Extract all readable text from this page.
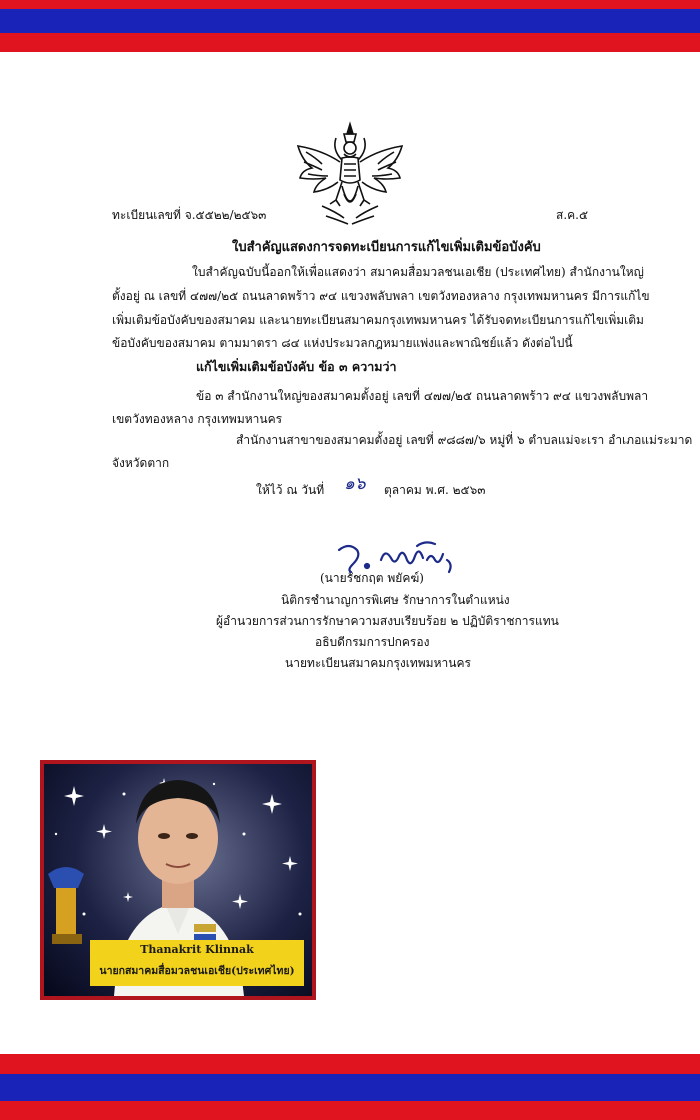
ทะเบียนเลขที่ จ.๕๕๒๒/๒๕๖๓	ส.ค.๕
ใบสำคัญแสดงการจดทะเบียนการแก้ไขเพิ่มเติมข้อบังคับ
ใบสำคัญฉบับนี้ออกให้เพื่อแสดงว่า สมาคมสื่อมวลชนเอเชีย (ประเทศไทย) สำนักงานใหญ่
ตั้งอยู่ ณ เลขที่ ๔๗๗/๒๕ ถนนลาดพร้าว ๙๔ แขวงพลับพลา เขตวังทองหลาง กรุงเทพมหานคร มีการแก้ไข
เพิ่มเติมข้อบังคับของสมาคม และนายทะเบียนสมาคมกรุงเทพมหานคร ได้รับจดทะเบียนการแก้ไขเพิ่มเติม
ข้อบังคับของสมาคม ตามมาตรา ๘๔ แห่งประมวลกฎหมายแพ่งและพาณิชย์แล้ว ดังต่อไปนี้
แก้ไขเพิ่มเติมข้อบังคับ ข้อ ๓ ความว่า
ข้อ ๓ สำนักงานใหญ่ของสมาคมตั้งอยู่ เลขที่ ๔๗๗/๒๕ ถนนลาดพร้าว ๙๔ แขวงพลับพลา
เขตวังทองหลาง กรุงเทพมหานคร
สำนักงานสาขาของสมาคมตั้งอยู่ เลขที่ ๙๘๘๗/๖ หมู่ที่ ๖ ตำบลแม่จะเรา อำเภอแม่ระมาด
จังหวัดตาก
ให้ไว้ ณ วันที่ ๑๖ ตุลาคม พ.ศ. ๒๕๖๓
(นายรัชกฤต พยัคฆ์)
นิติกรชำนาญการพิเศษ รักษาการในตำแหน่ง
ผู้อำนวยการส่วนการรักษาความสงบเรียบร้อย ๒ ปฏิบัติราชการแทน
อธิบดีกรมการปกครอง
นายทะเบียนสมาคมกรุงเทพมหานคร
Thanakrit Klinnak
นายกสมาคมสื่อมวลชนเอเชีย(ประเทศไทย)
